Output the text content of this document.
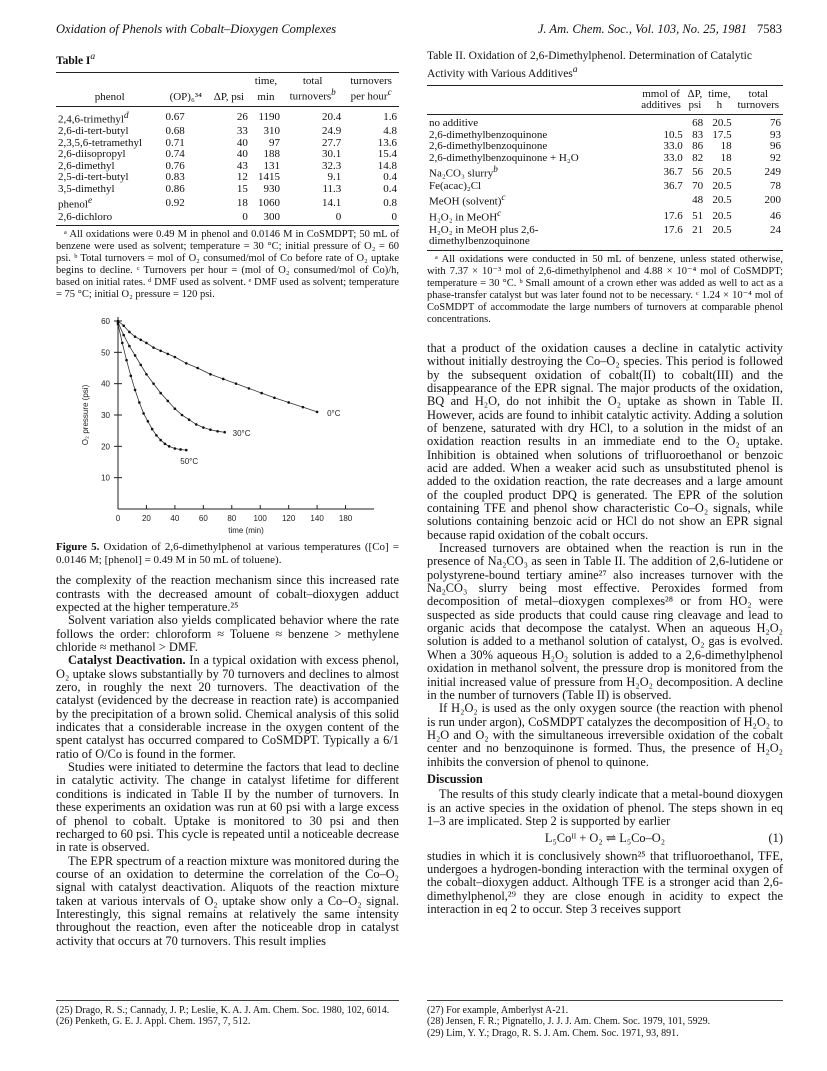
Oxidation of Phenols with Cobalt–Dioxygen Complexes	J. Am. Chem. Soc., Vol. 103, No. 25, 1981 7583
Table $I^a$
			time,	total	turnovers
phenol	(OP)₆³⁴	ΔP, psi	min	turnovers$^b$	per hour$^c$
2,4,6-trimethyl$^d$	0.67	26	1190	20.4	1.6
2,6-di-tert-butyl	0.68	33	310	24.9	4.8
2,3,5,6-tetramethyl	0.71	40	97	27.7	13.6
2,6-diisopropyl	0.74	40	188	30.1	15.4
2,6-dimethyl	0.76	43	131	32.3	14.8
2,5-di-tert-butyl	0.83	12	1415	9.1	0.4
3,5-dimethyl	0.86	15	930	11.3	0.4
phenol$^e$	0.92	18	1060	14.1	0.8
2,6-dichloro		0	300	0	0

ᵃ All oxidations were 0.49 M in phenol and 0.0146 M in CoSMDPT; 50 mL of benzene were used as solvent; temperature = 30 °C; initial pressure of O₂ = 60 psi. ᵇ Total turnovers = mol of O₂ consumed/mol of Co before rate of O₂ uptake begins to decline. ᶜ Turnovers per hour = (mol of O₂ consumed/mol of Co)/h, based on initial rates. ᵈ DMF used as solvent. ᵉ DMF used as solvent; temperature = 75 °C; initial O₂ pressure = 120 psi.

0	20 40 60 80 100 120 140 180
60
50
40
30
20
10
time (min)
O₂ pressure (psi)	0°C
30°C
50°C
Figure 5. Oxidation of 2,6-dimethylphenol at various temperatures ([Co] = 0.0146 M; [phenol] = 0.49 M in 50 mL of toluene).

the complexity of the reaction mechanism since this increased rate contrasts with the decreased amount of cobalt–dioxygen adduct expected at the higher temperature.²⁵

Solvent variation also yields complicated behavior where the rate follows the order: chloroform ≈ Toluene ≈ benzene > methylene chloride ≈ methanol > DMF.

Catalyst Deactivation. In a typical oxidation with excess phenol, O₂ uptake slows substantially by 70 turnovers and declines to almost zero, in roughly the next 20 turnovers. The deactivation of the catalyst (evidenced by the decrease in reaction rate) is accompanied by the precipitation of a brown solid. Chemical analysis of this solid indicates that a considerable increase in the oxygen content of the spent catalyst has occurred compared to CoSMDPT. Typically a 6/1 ratio of O/Co is found in the former.

Studies were initiated to determine the factors that lead to decline in catalytic activity. The change in catalyst lifetime for different conditions is indicated in Table II by the number of turnovers. In these experiments an oxidation was run at 60 psi with a large excess of phenol to cobalt. Uptake is monitored to 30 psi and then recharged to 60 psi. This cycle is repeated until a noticeable decrease in rate is observed.

The EPR spectrum of a reaction mixture was monitored during the course of an oxidation to determine the correlation of the Co–O₂ signal with catalyst deactivation. Aliquots of the reaction mixture taken at various intervals of O₂ uptake show only a Co–O₂ signal. Interestingly, this signal remains at relatively the same intensity throughout the reaction, even after the noticeable drop in catalyst activity that occurs at 70 turnovers. This result implies

Table II. Oxidation of 2,6-Dimethylphenol. Determination of Catalytic Activity with Various Additives$^a$
	mmol of	ΔP,	time,	total
	additives	psi	h	turnovers
no additive		68	20.5	76
2,6-dimethylbenzoquinone	10.5	83	17.5	93
2,6-dimethylbenzoquinone	33.0	86	18	96
2,6-dimethylbenzoquinone + H₂O	33.0	82	18	92
Na₂CO₃ slurry$^b$	36.7	56	20.5	249
Fe(acac)₂Cl	36.7	70	20.5	78
MeOH (solvent)$^c$		48	20.5	200
H₂O₂ in MeOH$^c$	17.6	51	20.5	46
H₂O₂ in MeOH plus 2,6-dimethylbenzoquinone	17.6	21	20.5	24

ᵃ All oxidations were conducted in 50 mL of benzene, unless stated otherwise, with 7.37 × 10⁻³ mol of 2,6-dimethylphenol and 4.88 × 10⁻⁴ mol of CoSMDPT; temperature = 30 °C. ᵇ Small amount of a crown ether was added as well to act as a phase-transfer catalyst but was later found not to be necessary. ᶜ 1.24 × 10⁻⁴ mol of CoSMDPT of accommodate the large numbers of turnovers at comparable phenol concentrations.

that a product of the oxidation causes a decline in catalytic activity without initially destroying the Co–O₂ species. This period is followed by the subsequent oxidation of cobalt(II) to cobalt(III) and the disappearance of the EPR signal. The major products of the oxidation, BQ and H₂O, do not inhibit the O₂ uptake as shown in Table II. However, acids are found to inhibit catalytic activity. Adding a solution of benzene, saturated with dry HCl, to a solution in the midst of an oxidation reaction results in an immediate end to the O₂ uptake. Inhibition is obtained when solutions of trifluoroethanol or benzoic acid are added. When a weaker acid such as unsubstituted phenol is added to the oxidation reaction, the rate decreases and a large amount of the coupled product DPQ is generated. The EPR of the solution containing TFE and phenol show characteristic Co–O₂ signals, while solutions containing benzoic acid or HCl do not show an EPR signal because rapid oxidation of the cobalt occurs.

Increased turnovers are obtained when the reaction is run in the presence of Na₂CO₃ as seen in Table II. The addition of 2,6-lutidene or polystyrene-bound tertiary amine²⁷ also increases turnover with the Na₂CO₃ slurry being most effective. Peroxides formed from decomposition of metal–dioxygen complexes²⁸ or from HO₂ were suspected as side products that could cause ring cleavage and lead to organic acids that decompose the catalyst. When an aqueous H₂O₂ solution is added to a methanol solution of catalyst, O₂ gas is evolved. When a 30% aqueous H₂O₂ solution is added to a 2,6-dimethylphenol oxidation in methanol solvent, the pressure drop is monitored from the initial increased value of pressure from H₂O₂ decomposition. A decline in the number of turnovers (Table II) is observed.

If H₂O₂ is used as the only oxygen source (the reaction with phenol is run under argon), CoSMDPT catalyzes the decomposition of H₂O₂ to H₂O and O₂ with the simultaneous irreversible oxidation of the cobalt center and no benzoquinone is formed. Thus, the presence of H₂O₂ inhibits the conversion of phenol to quinone.

Discussion

The results of this study clearly indicate that a metal-bound dioxygen is an active species in the oxidation of phenol. The steps shown in eq 1–3 are implicated. Step 2 is supported by earlier

L₅Coᴵᴵ + O₂ ⇌ L₅Co–O₂	(1)

studies in which it is conclusively shown²⁵ that trifluoroethanol, TFE, undergoes a hydrogen-bonding interaction with the terminal oxygen of the cobalt–dioxygen adduct. Although TFE is a stronger acid than 2,6-dimethylphenol,²⁹ they are close enough in acidity to expect the interaction in eq 2 to occur. Step 3 receives support

(25) Drago, R. S.; Cannady, J. P.; Leslie, K. A. J. Am. Chem. Soc. 1980, 102, 6014.

(26) Penketh, G. E. J. Appl. Chem. 1957, 7, 512.

(27) For example, Amberlyst A-21.

(28) Jensen, F. R.; Pignatello, J. J. J. Am. Chem. Soc. 1979, 101, 5929.

(29) Lim, Y. Y.; Drago, R. S. J. Am. Chem. Soc. 1971, 93, 891.
